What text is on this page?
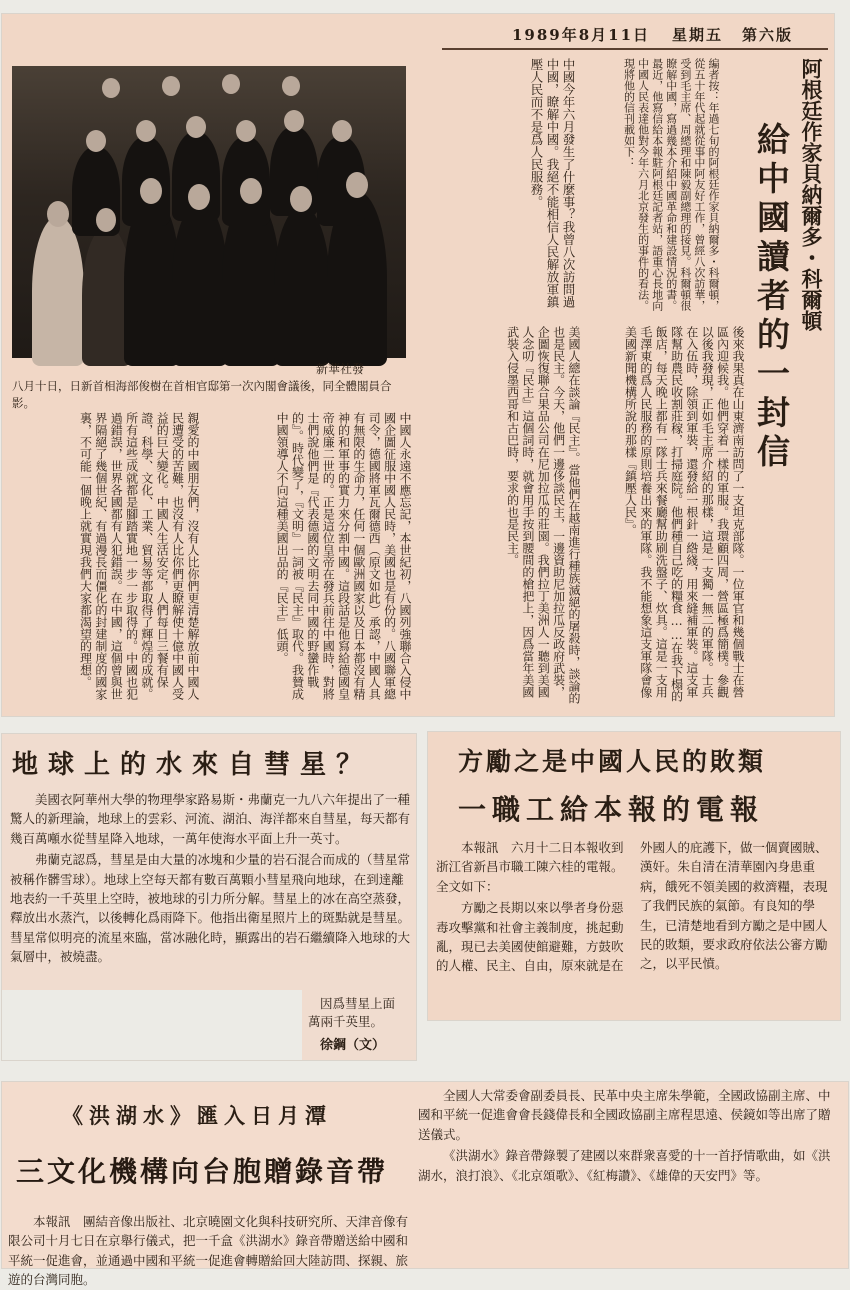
1989年8月11日 星期五 第六版
新華社發
八月十日，日新首相海部俊樹在首相官邸第一次內閣會議後，同全體閣員合影。
阿根廷作家貝納爾多・科爾頓
給中國讀者的一封信
編者按：年過七旬的阿根廷作家貝納爾多・科爾頓，從五十年代起就從事中阿友好工作，曾經八次訪華，受到毛主席、周總理和陳毅副總理的接見。科爾頓很瞭解中國，寫過幾本介紹中國革命和建設情況的書。最近，他寫信給本報駐阿根廷記者站，語重心長地向中國人民表達他對今年六月北京發生的事件的看法。現將他的信刊載如下：
中國今年六月發生了什麼事？我曾八次訪問過中國，瞭解中國。我絕不能相信人民解放軍鎮壓人民而不是爲人民服務。
後來我果真在山東濟南訪問了一支坦克部隊。一位軍官和幾個戰士在營區內迎候我。他們穿着一樣的軍服。我環顧四周，營區極爲簡樸。參觀以後我發現，正如毛主席介紹的那樣，這是一支獨一無二的軍隊。士兵在入伍時，除領到軍裝，還發給一根針一綹綫，用來縫補軍裝。這支軍隊幫助農民收割莊稼，打掃庭院。他們種自己吃的糧食……在我下榻的飯店，每天晚上都有一隊士兵來餐廳幫助刷洗盤子、炊具。這是一支用毛澤東的爲人民服務的原則培養出來的軍隊。我不能想象這支軍隊會像美國新聞機構所說的那樣『鎮壓人民』。
美國人總在談論『民主』。當他們在越南進行種族滅絕的屠殺時，談論的也是民主。今天，他們一邊侈談民主，一邊資助尼加拉瓜反政府武裝，企圖恢復聯合果品公司在尼加拉瓜的莊園。我們拉丁美洲人一聽到美國人念叨『民主』這個詞時，就會用手按到腰間的槍把上，因爲當年美國武裝入侵墨西哥和古巴時，要求的也是民主。
中國人永遠不應忘記，本世紀初，八國列強聯合入侵中國企圖征服中國人民時，美國也是有份的。八國聯軍總司令，德國將軍瓦爾德西（原文如此）承認，中國人具有無限的生命力，任何一個歐洲國家以及日本都沒有精神的和軍事的實力來分割中國。這段話是他寫給德國皇帝威廉二世的。正是這位皇帝在發兵前往中國時，對將士們說他們是『代表德國的文明去同中國的野蠻作戰的』。時代變了，『文明』一詞被『民主』取代。我贊成中國領導人不向這種美國出品的『民主』低頭。
親愛的中國朋友們，沒有人比你們更清楚解放前中國人民遭受的苦難，也沒有人比你們更瞭解使十億中國人受益的巨大變化。中國人生活安定，人們每日三餐有保證，科學、文化、工業、貿易等都取得了輝煌的成就。所有這些成就都是腳踏實地一步一步取得的。中國也犯過錯誤，世界各國都有人犯錯誤。在中國，這個曾與世界隔絕了幾個世紀、有過漫長而僵化的封建制度的國家裏，不可能一個晚上就實現我們大家都渴望的理想。
地球上的水來自彗星？

美國衣阿華州大學的物理學家路易斯・弗蘭克一九八六年提出了一種驚人的新理論，地球上的雲彩、河流、湖泊、海洋都來自彗星，每天都有幾百萬噸水從彗星降入地球，一萬年使海水平面上升一英寸。

弗蘭克認爲，彗星是由大量的冰塊和少量的岩石混合而成的（彗星常被稱作髒雪球）。地球上空每天都有數百萬顆小彗星飛向地球，在到達離地表約一千英里上空時，被地球的引力所分解。彗星上的冰在高空蒸發，釋放出水蒸汽，以後轉化爲雨降下。他指出衛星照片上的斑點就是彗星。彗星常似明亮的流星來臨，當冰融化時，顯露出的岩石繼續降入地球的大氣層中，被燒盡。

因爲彗星上面
萬兩千英里。
徐鋼（文）
方勵之是中國人民的敗類
一職工給本報的電報

本報訊　六月十二日本報收到浙江省新昌市職工陳六桂的電報。全文如下：

方勵之長期以來以學者身份惡毒攻擊黨和社會主義制度，挑起動亂，現已去美國使館避難，方鼓吹的人權、民主、自由，原來就是在外國人的庇護下，做一個賣國賊、漢奸。朱自清在清華園內身患重病，餓死不領美國的救濟糧，表現了我們民族的氣節。有良知的學生，已清楚地看到方勵之是中國人民的敗類，要求政府依法公審方勵之，以平民憤。

《洪湖水》匯入日月潭
三文化機構向台胞贈錄音帶

本報訊　團結音像出版社、北京曉園文化與科技研究所、天津音像有限公司十月七日在京舉行儀式，把一千盒《洪湖水》錄音帶贈送給中國和平統一促進會，並通過中國和平統一促進會轉贈給回大陸訪問、探親、旅遊的台灣同胞。

全國人大常委會副委員長、民革中央主席朱學範，全國政協副主席、中國和平統一促進會會長錢偉長和全國政協副主席程思遠、侯鏡如等出席了贈送儀式。

《洪湖水》錄音帶錄製了建國以來群衆喜愛的十一首抒情歌曲，如《洪湖水，浪打浪》、《北京頌歌》、《紅梅讚》、《雄偉的天安門》等。
